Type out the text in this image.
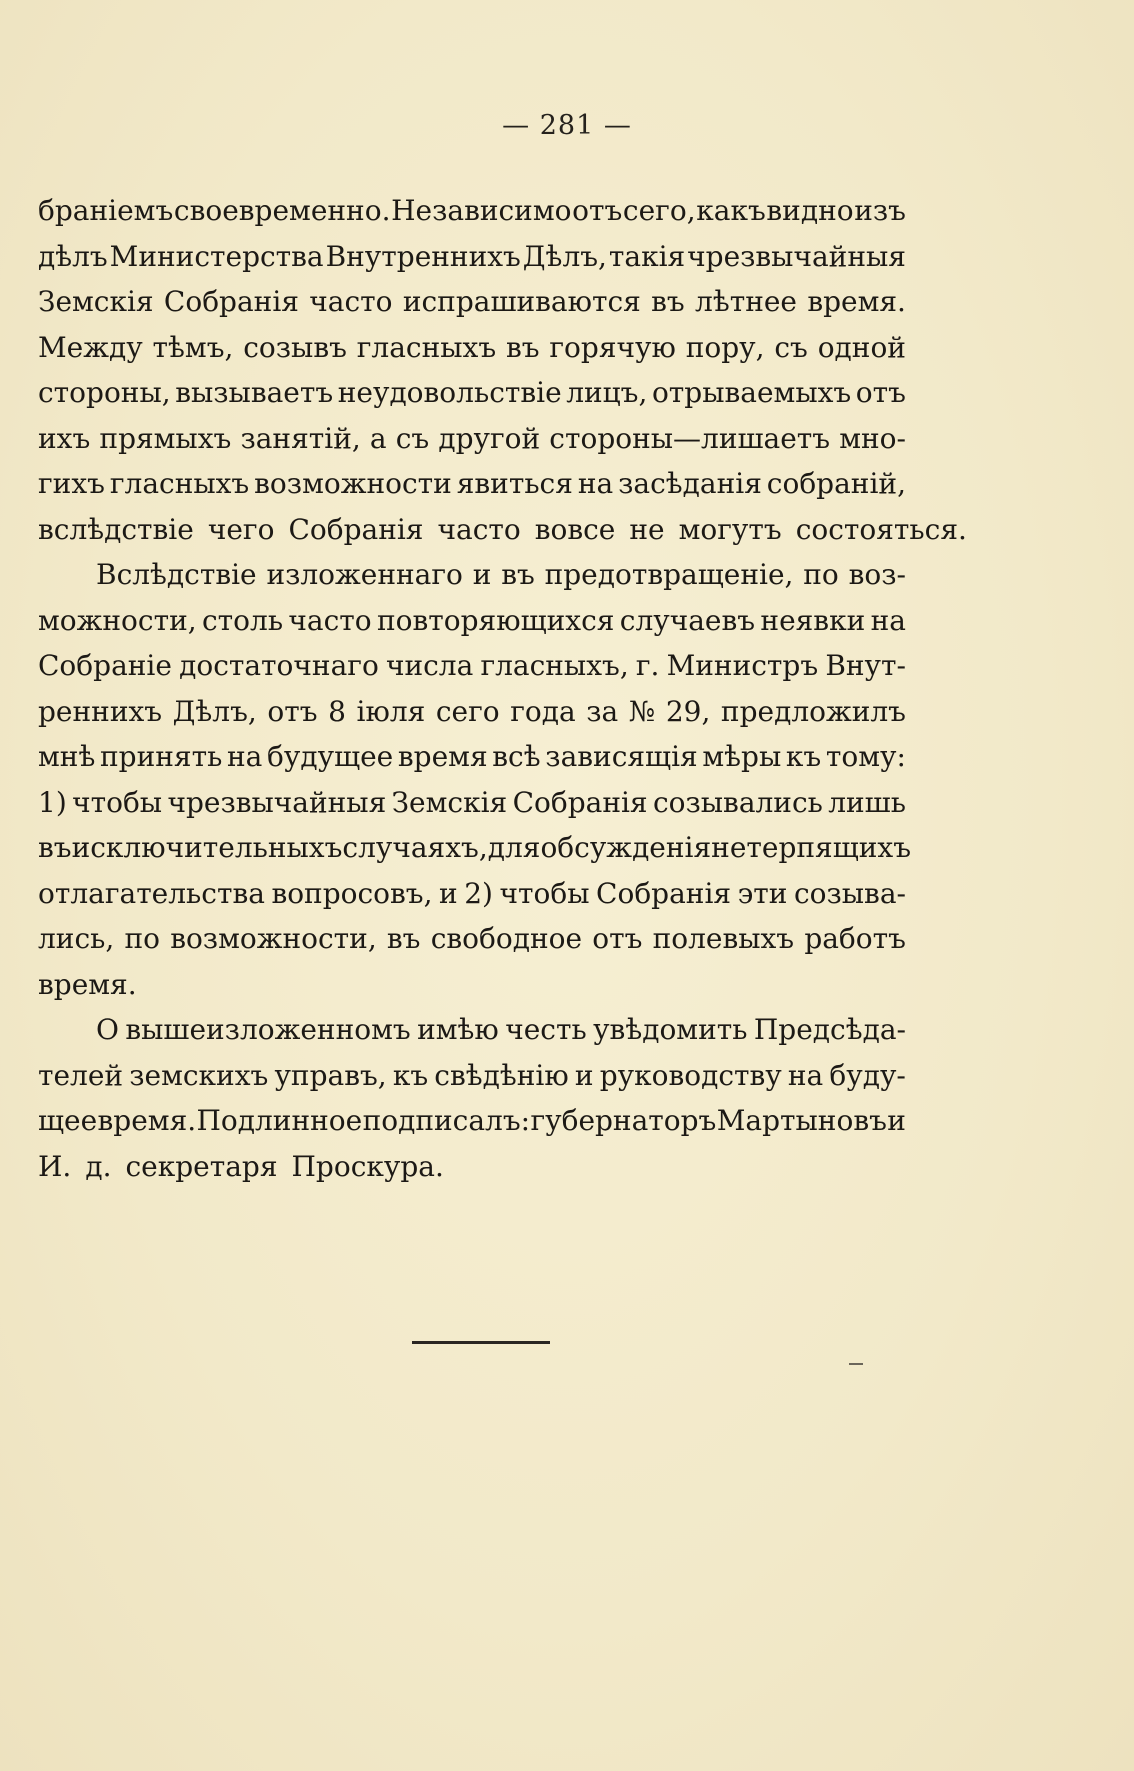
— 281 —
браніемъ своевременно. Независимо отъ сего, какъ видно изъ
дѣлъ Министерства Внутреннихъ Дѣлъ, такія чрезвычайныя
Земскія Собранія часто испрашиваются въ лѣтнее время.
Между тѣмъ, созывъ гласныхъ въ горячую пору, съ одной
стороны, вызываетъ неудовольствіе лицъ, отрываемыхъ отъ
ихъ прямыхъ занятій, а съ другой стороны—лишаетъ мно-
гихъ гласныхъ возможности явиться на засѣданія собраній,
вслѣдствіе чего Собранія часто вовсе не могутъ состояться.
Вслѣдствіе изложеннаго и въ предотвращеніе, по воз-
можности, столь часто повторяющихся случаевъ неявки на
Собраніе достаточнаго числа гласныхъ, г. Министръ Внут-
реннихъ Дѣлъ, отъ 8 іюля сего года за № 29, предложилъ
мнѣ принять на будущее время всѣ зависящія мѣры къ тому:
1) чтобы чрезвычайныя Земскія Собранія созывались лишь
въ исключительныхъ случаяхъ, для обсужденія нетерпящихъ
отлагательства вопросовъ, и 2) чтобы Собранія эти созыва-
лись, по возможности, въ свободное отъ полевыхъ работъ
время.
О вышеизложенномъ имѣю честь увѣдомить Предсѣда-
телей земскихъ управъ, къ свѣдѣнію и руководству на буду-
щее время. Подлинное подписалъ: губернаторъ Мартыновъ и
И. д. секретаря Проскура.
